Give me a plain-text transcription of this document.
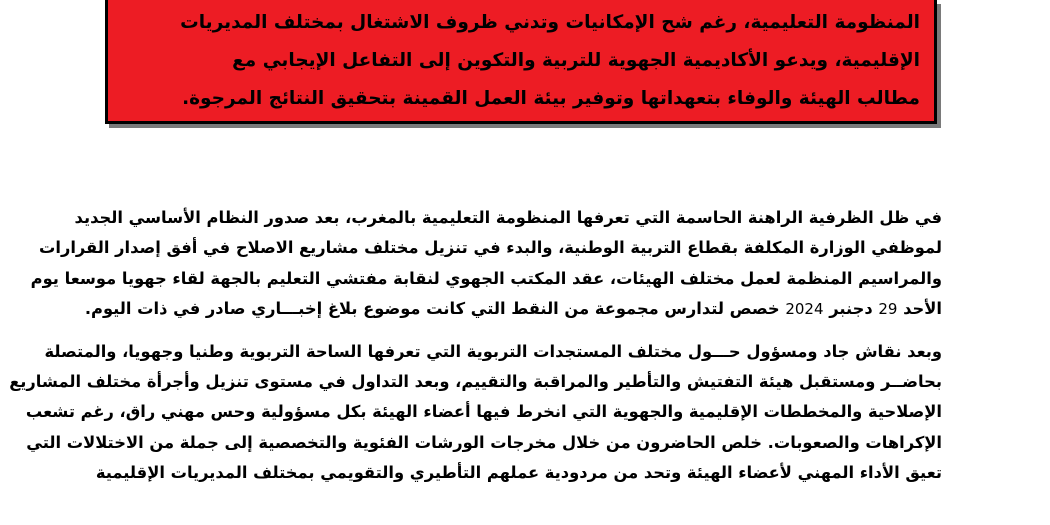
المنظومة التعليمية، رغم شح الإمكانيات وتدني ظروف الاشتغال بمختلف المديريات
الإقليمية، ويدعو الأكاديمية الجهوية للتربية والتكوين إلى التفاعل الإيجابي مع
مطالب الهيئة والوفاء بتعهداتها وتوفير بيئة العمل القمينة بتحقيق النتائج المرجوة.

في ظل الظرفية الراهنة الحاسمة التي تعرفها المنظومة التعليمية بالمغرب، بعد صدور النظام الأساسي الجديد
لموظفي الوزارة المكلفة بقطاع التربية الوطنية، والبدء في تنزيل مختلف مشاريع الاصلاح في أفق إصدار القرارات
والمراسيم المنظمة لعمل مختلف الهيئات، عقد المكتب الجهوي لنقابة مفتشي التعليم بالجهة لقاء جهويا موسعا يوم
الأحد 29 دجنبر 2024 خصص لتدارس مجموعة من النقط التي كانت موضوع بلاغ إخبـــاري صادر في ذات اليوم.

وبعد نقاش جاد ومسؤول حـــول مختلف المستجدات التربوية التي تعرفها الساحة التربوية وطنيا وجهويا، والمتصلة
بحاضــر ومستقبل هيئة التفتيش والتأطير والمراقبة والتقييم، وبعد التداول في مستوى تنزيل وأجرأة مختلف المشاريع
الإصلاحية والمخططات الإقليمية والجهوية التي انخرط فيها أعضاء الهيئة بكل مسؤولية وحس مهني راق، رغم تشعب
الإكراهات والصعوبات. خلص الحاضرون من خلال مخرجات الورشات الفئوية والتخصصية إلى جملة من الاختلالات التي
تعيق الأداء المهني لأعضاء الهيئة وتحد من مردودية عملهم التأطيري والتقويمي بمختلف المديريات الإقليمية
